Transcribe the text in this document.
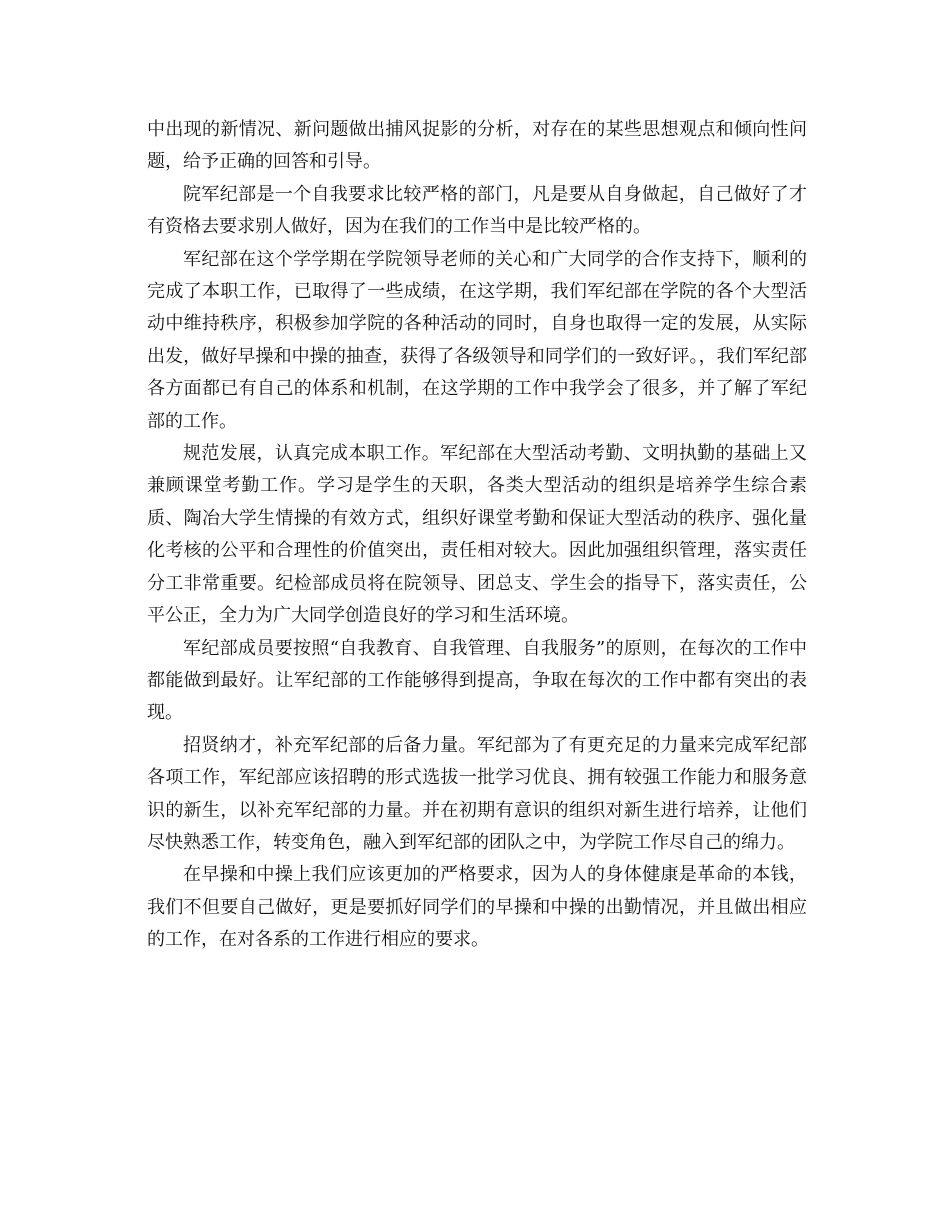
中出现的新情况、新问题做出捕风捉影的分析，对存在的某些思想观点和倾向性问题，给予正确的回答和引导。

院军纪部是一个自我要求比较严格的部门，凡是要从自身做起，自己做好了才有资格去要求别人做好，因为在我们的工作当中是比较严格的。

军纪部在这个学学期在学院领导老师的关心和广大同学的合作支持下，顺利的完成了本职工作，已取得了一些成绩，在这学期，我们军纪部在学院的各个大型活动中维持秩序，积极参加学院的各种活动的同时，自身也取得一定的发展，从实际出发，做好早操和中操的抽查，获得了各级领导和同学们的一致好评。，我们军纪部各方面都已有自己的体系和机制，在这学期的工作中我学会了很多，并了解了军纪部的工作。

规范发展，认真完成本职工作。军纪部在大型活动考勤、文明执勤的基础上又兼顾课堂考勤工作。学习是学生的天职，各类大型活动的组织是培养学生综合素质、陶冶大学生情操的有效方式，组织好课堂考勤和保证大型活动的秩序、强化量化考核的公平和合理性的价值突出，责任相对较大。因此加强组织管理，落实责任分工非常重要。纪检部成员将在院领导、团总支、学生会的指导下，落实责任，公平公正，全力为广大同学创造良好的学习和生活环境。

军纪部成员要按照“自我教育、自我管理、自我服务”的原则，在每次的工作中都能做到最好。让军纪部的工作能够得到提高，争取在每次的工作中都有突出的表现。

招贤纳才，补充军纪部的后备力量。军纪部为了有更充足的力量来完成军纪部各项工作，军纪部应该招聘的形式选拔一批学习优良、拥有较强工作能力和服务意识的新生，以补充军纪部的力量。并在初期有意识的组织对新生进行培养，让他们尽快熟悉工作，转变角色，融入到军纪部的团队之中，为学院工作尽自己的绵力。

在早操和中操上我们应该更加的严格要求，因为人的身体健康是革命的本钱，我们不但要自己做好，更是要抓好同学们的早操和中操的出勤情况，并且做出相应的工作，在对各系的工作进行相应的要求。
